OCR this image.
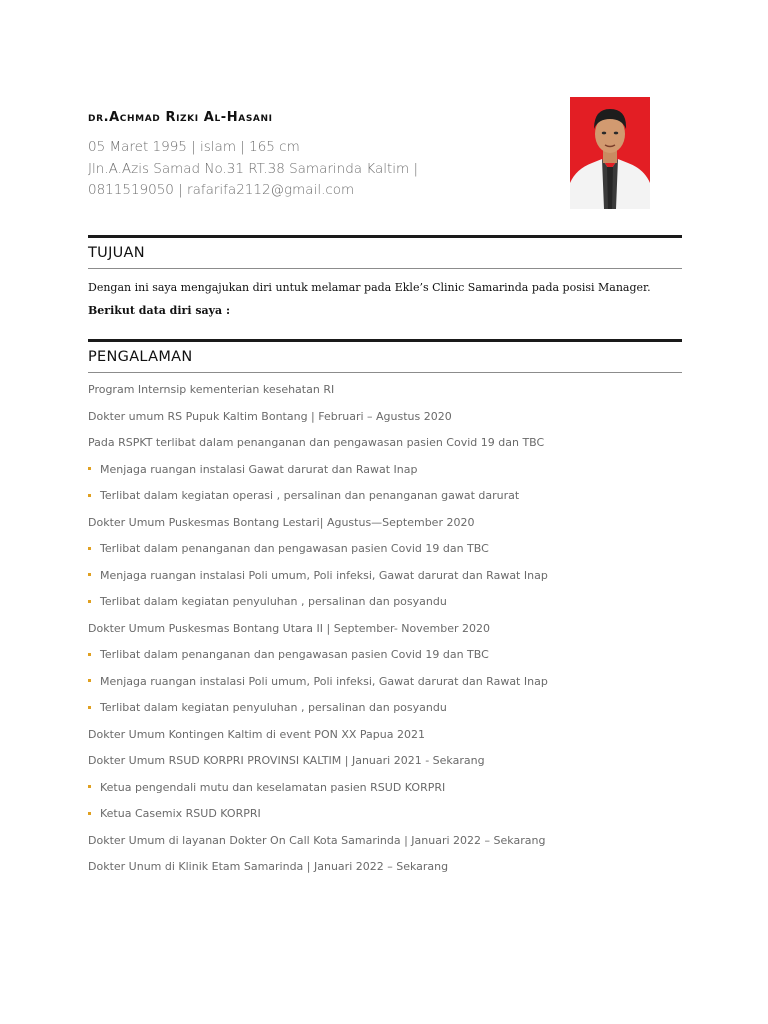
dr.Achmad Rizki Al-Hasani
05 Maret 1995 | islam | 165 cm
Jln.A.Azis Samad No.31 RT.38 Samarinda Kaltim |
0811519050 | rafarifa2112@gmail.com
TUJUAN
Dengan ini saya mengajukan diri untuk melamar pada Ekle’s Clinic Samarinda pada posisi Manager.
Berikut data diri saya :
PENGALAMAN
Program Internsip kementerian kesehatan RI
Dokter umum RS Pupuk Kaltim Bontang | Februari – Agustus 2020
Pada RSPKT terlibat dalam penanganan dan pengawasan pasien Covid 19 dan TBC
Menjaga ruangan instalasi Gawat darurat dan Rawat Inap
Terlibat dalam kegiatan operasi , persalinan dan penanganan gawat darurat
Dokter Umum Puskesmas Bontang Lestari| Agustus—September 2020
Terlibat dalam penanganan dan pengawasan pasien Covid 19 dan TBC
Menjaga ruangan instalasi Poli umum, Poli infeksi, Gawat darurat dan Rawat Inap
Terlibat dalam kegiatan penyuluhan , persalinan dan posyandu
Dokter Umum Puskesmas Bontang Utara II | September- November 2020
Terlibat dalam penanganan dan pengawasan pasien Covid 19 dan TBC
Menjaga ruangan instalasi Poli umum, Poli infeksi, Gawat darurat dan Rawat Inap
Terlibat dalam kegiatan penyuluhan , persalinan dan posyandu
Dokter Umum Kontingen Kaltim di event PON XX Papua 2021
Dokter Umum RSUD KORPRI PROVINSI KALTIM | Januari 2021 - Sekarang
Ketua pengendali mutu dan keselamatan pasien RSUD KORPRI
Ketua Casemix RSUD KORPRI
Dokter Umum di layanan Dokter On Call Kota Samarinda | Januari 2022 – Sekarang
Dokter Unum di Klinik Etam Samarinda | Januari 2022 – Sekarang
